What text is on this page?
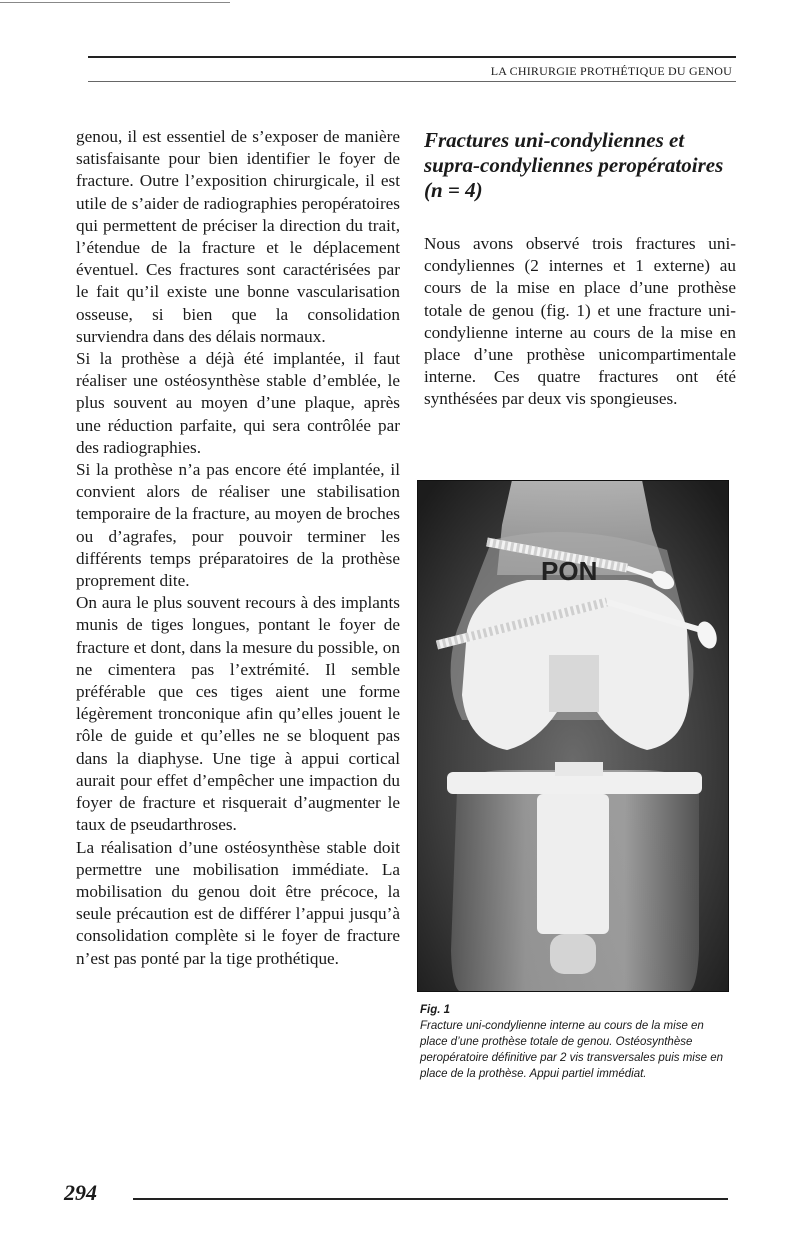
LA CHIRURGIE PROTHÉTIQUE DU GENOU

genou, il est essentiel de s’exposer de manière satisfaisante pour bien identifier le foyer de fracture. Outre l’exposition chirurgicale, il est utile de s’aider de radiographies peropératoires qui permettent de préciser la direction du trait, l’étendue de la fracture et le déplacement éventuel. Ces fractures sont caractérisées par le fait qu’il existe une bonne vascularisation osseuse, si bien que la consolidation surviendra dans des délais normaux.

Si la prothèse a déjà été implantée, il faut réaliser une ostéosynthèse stable d’emblée, le plus souvent au moyen d’une plaque, après une réduction parfaite, qui sera contrôlée par des radiographies.

Si la prothèse n’a pas encore été implantée, il convient alors de réaliser une stabilisation temporaire de la fracture, au moyen de broches ou d’agrafes, pour pouvoir terminer les différents temps préparatoires de la prothèse proprement dite.

On aura le plus souvent recours à des implants munis de tiges longues, pontant le foyer de fracture et dont, dans la mesure du possible, on ne cimentera pas l’extrémité. Il semble préférable que ces tiges aient une forme légèrement tronconique afin qu’elles jouent le rôle de guide et qu’elles ne se bloquent pas dans la diaphyse. Une tige à appui cortical aurait pour effet d’empêcher une impaction du foyer de fracture et risquerait d’augmenter le taux de pseudarthroses.

La réalisation d’une ostéosynthèse stable doit permettre une mobilisation immédiate. La mobilisation du genou doit être précoce, la seule précaution est de différer l’appui jusqu’à consolidation complète si le foyer de fracture n’est pas ponté par la tige prothétique.

Fractures uni-condyliennes et supra-condyliennes peropératoires (n = 4)

Nous avons observé trois fractures unicondyliennes (2 internes et 1 externe) au cours de la mise en place d’une prothèse totale de genou (fig. 1) et une fracture uni-condylienne interne au cours de la mise en place d’une prothèse unicompartimentale interne. Ces quatre fractures ont été synthésées par deux vis spongieuses.

PON
Fig. 1
Fracture uni-condylienne interne au cours de la mise en place d’une prothèse totale de genou. Ostéosynthèse peropératoire définitive par 2 vis transversales puis mise en place de la prothèse. Appui partiel immédiat.
294
